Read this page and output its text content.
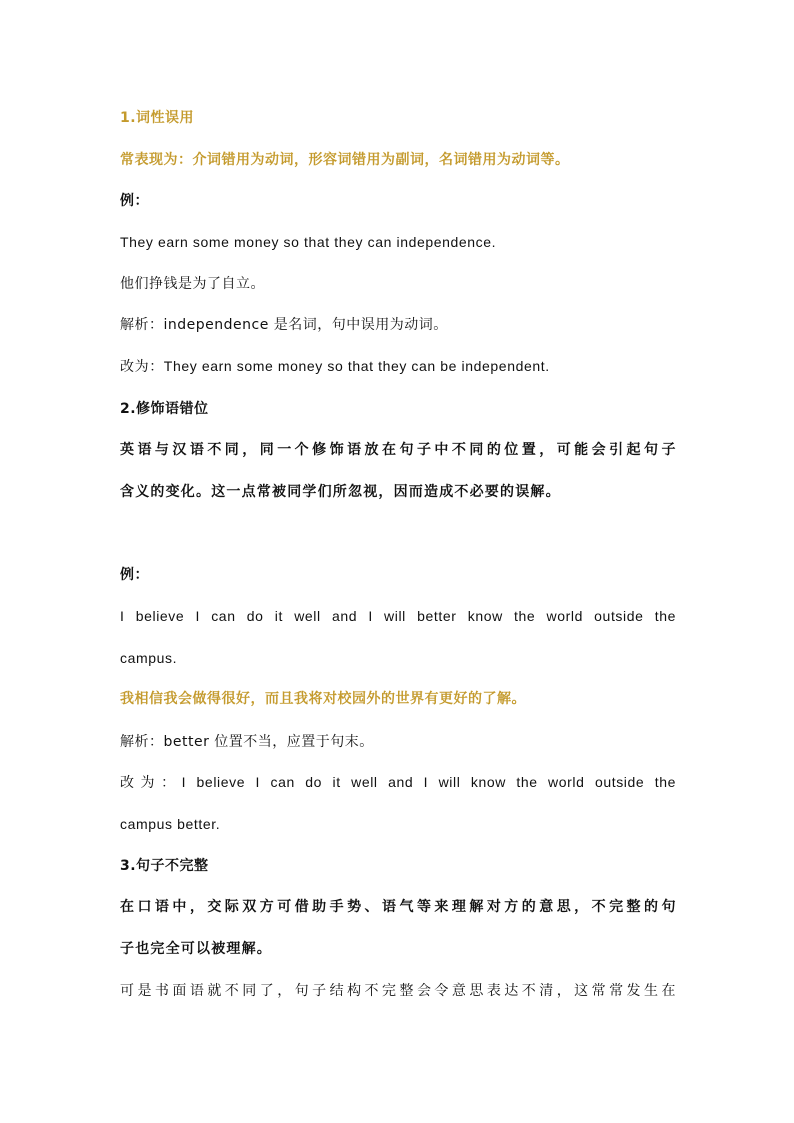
1.词性误用
常表现为：介词错用为动词，形容词错用为副词，名词错用为动词等。
例：
They earn some money so that they can independence.
他们挣钱是为了自立。
解析：independence 是名词，句中误用为动词。
改为：They earn some money so that they can be independent.
2.修饰语错位
英语与汉语不同，同一个修饰语放在句子中不同的位置，可能会引起句子
含义的变化。这一点常被同学们所忽视，因而造成不必要的误解。
例：
I believe I can do it well and I will better know the world outside the
campus.
我相信我会做得很好，而且我将对校园外的世界有更好的了解。
解析：better 位置不当，应置于句末。
改为：I believe I can do it well and I will know the world outside the
campus better.
3.句子不完整
在口语中，交际双方可借助手势、语气等来理解对方的意思，不完整的句
子也完全可以被理解。
可是书面语就不同了，句子结构不完整会令意思表达不清，这常常发生在
